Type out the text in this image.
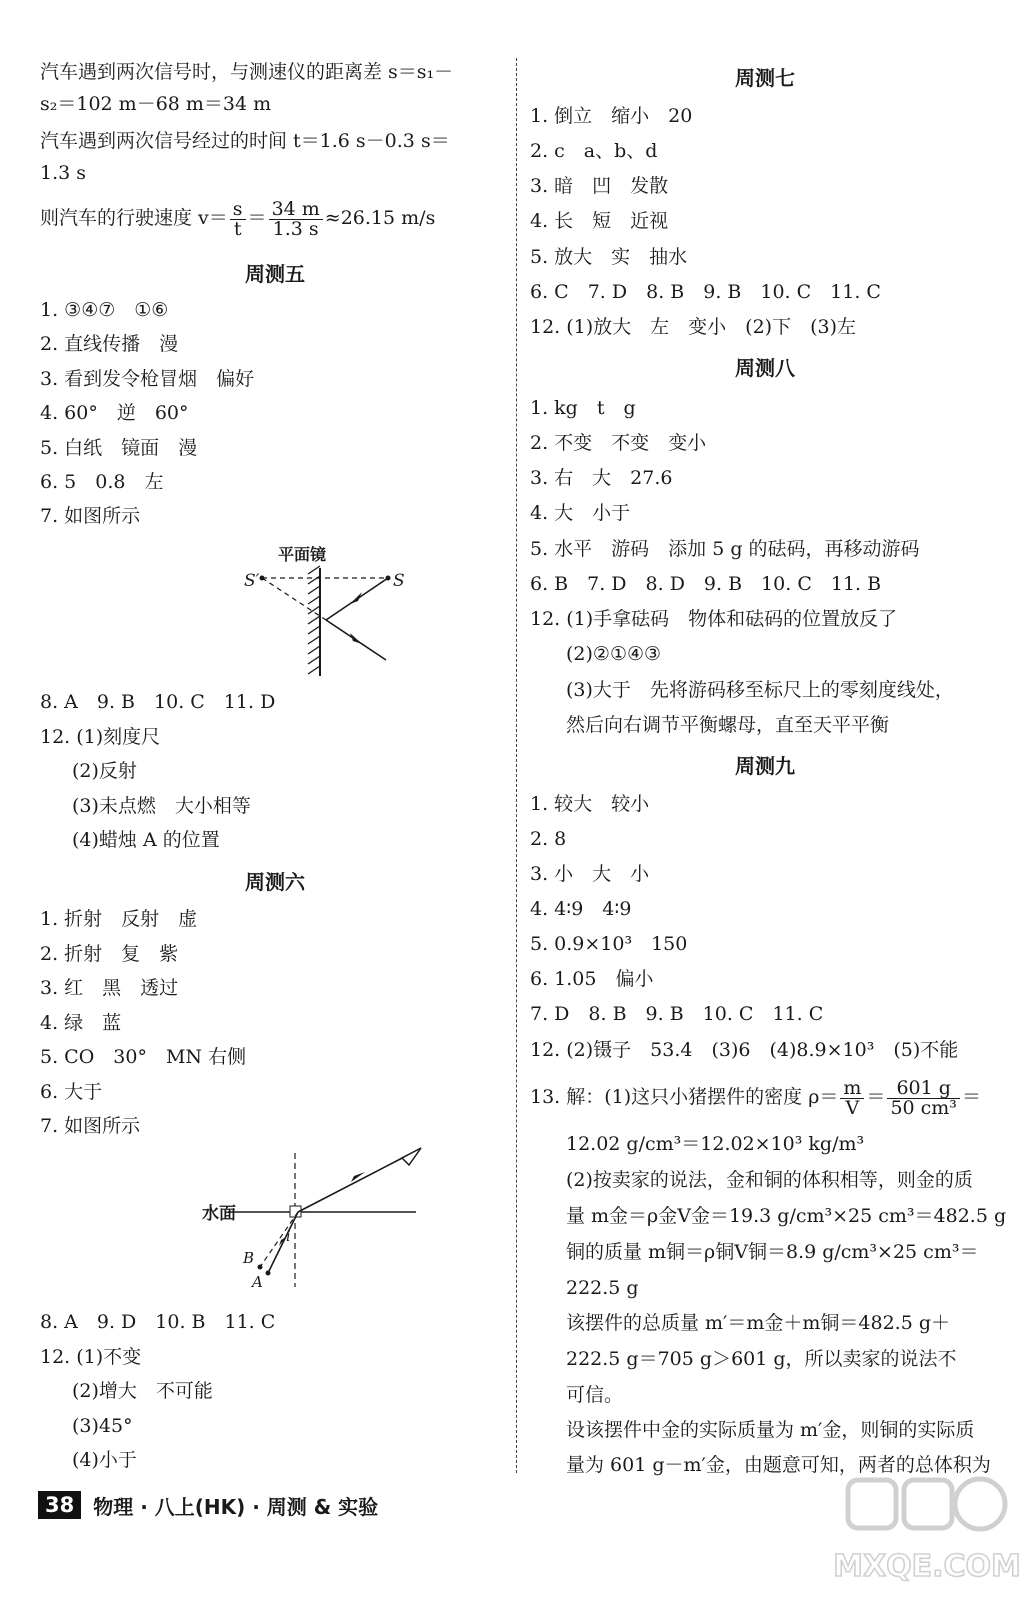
汽车遇到两次信号时，与测速仪的距离差 s＝s₁－
s₂＝102 m－68 m＝34 m
汽车遇到两次信号经过的时间 t＝1.6 s－0.3 s＝
1.3 s
则汽车的行驶速度 $v= \frac{s}{t} = \frac{34 m}{1.3 s} \approx 26.15$ m/s
周测五
1. ③④⑦　①⑥
2. 直线传播　漫
3. 看到发令枪冒烟　偏好
4. 60°　逆　60°
5. 白纸　镜面　漫
6. 5　0.8　左
7. 如图所示
平面镜
S′	S
8. A　9. B　10. C　11. D
12. (1)刻度尺
(2)反射
(3)未点燃　大小相等
(4)蜡烛 A 的位置
周测六
1. 折射　反射　虚
2. 折射　复　紫
3. 红　黑　透过
4. 绿　蓝
5. CO　30°　MN 右侧
6. 大于
7. 如图所示
水面
B
A
i
8. A　9. D　10. B　11. C
12. (1)不变
(2)增大　不可能
(3)45°
(4)小于
周测七
1. 倒立　缩小　20
2. c　a、b、d
3. 暗　凹　发散
4. 长　短　近视
5. 放大　实　抽水
6. C　7. D　8. B　9. B　10. C　11. C
12. (1)放大　左　变小　(2)下　(3)左
周测八
1. kg　t　g
2. 不变　不变　变小
3. 右　大　27.6
4. 大　小于
5. 水平　游码　添加 5 g 的砝码，再移动游码
6. B　7. D　8. D　9. B　10. C　11. B
12. (1)手拿砝码　物体和砝码的位置放反了
(2)②①④③
(3)大于　先将游码移至标尺上的零刻度线处，
然后向右调节平衡螺母，直至天平平衡
周测九
1. 较大　较小
2. 8
3. 小　大　小
4. 4∶9　4∶9
5. 0.9×10³　150
6. 1.05　偏小
7. D　8. B　9. B　10. C　11. C
12. (2)镊子　53.4　(3)6　(4)8.9×10³　(5)不能
13. 解：(1)这只小猪摆件的密度 $\rho= \frac{m}{V} = \frac{601 g}{\text{50 cm³}}$ ＝
12.02 g/cm³＝12.02×10³ kg/m³
(2)按卖家的说法，金和铜的体积相等，则金的质
量 m金＝ρ金V金＝19.3 g/cm³×25 cm³＝482.5 g
铜的质量 m铜＝ρ铜V铜＝8.9 g/cm³×25 cm³＝
222.5 g
该摆件的总质量 m′＝m金＋m铜＝482.5 g＋
222.5 g＝705 g＞601 g，所以卖家的说法不
可信。
设该摆件中金的实际质量为 m′金，则铜的实际质
量为 601 g－m′金，由题意可知，两者的总体积为
38 物理 · 八上(HK) · 周测 & 实验
MXQE.COM
